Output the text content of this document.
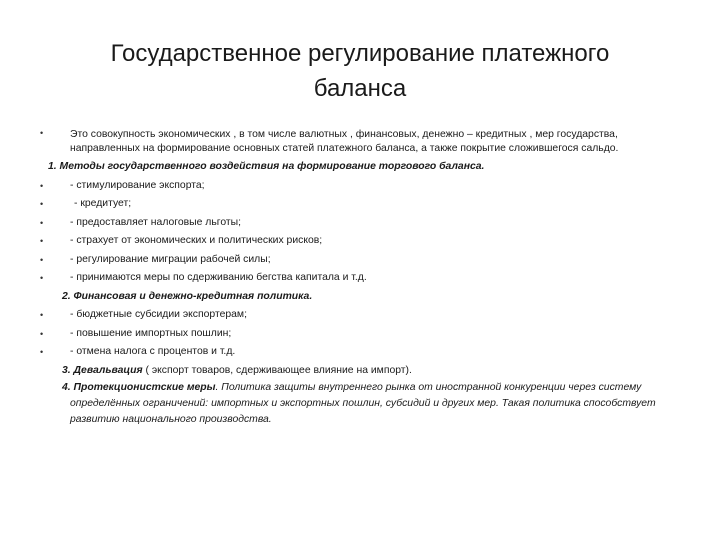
Государственное регулирование платежного
баланса
•	Это совокупность экономических , в том числе валютных , финансовых, денежно – кредитных , мер государства, направленных на формирование основных статей платежного баланса, а также покрытие сложившегося сальдо.
1. Методы государственного воздействия на формирование торгового баланса.
•	- стимулирование экспорта;
•	- кредитует;
•	- предоставляет налоговые льготы;
•	- страхует от экономических и политических рисков;
•	- регулирование миграции рабочей силы;
•	- принимаются меры по сдерживанию бегства капитала и т.д.
2. Финансовая и денежно-кредитная политика.
•	- бюджетные субсидии экспортерам;
•	- повышение импортных пошлин;
•	- отмена налога с процентов и т.д.
3. Девальвация ( экспорт товаров, сдерживающее влияние на импорт).
4. Протекционистские меры. Политика защиты внутреннего рынка от иностранной конкуренции через систему определённых ограничений: импортных и экспортных пошлин, субсидий и других мер. Такая политика способствует развитию национального производства.
